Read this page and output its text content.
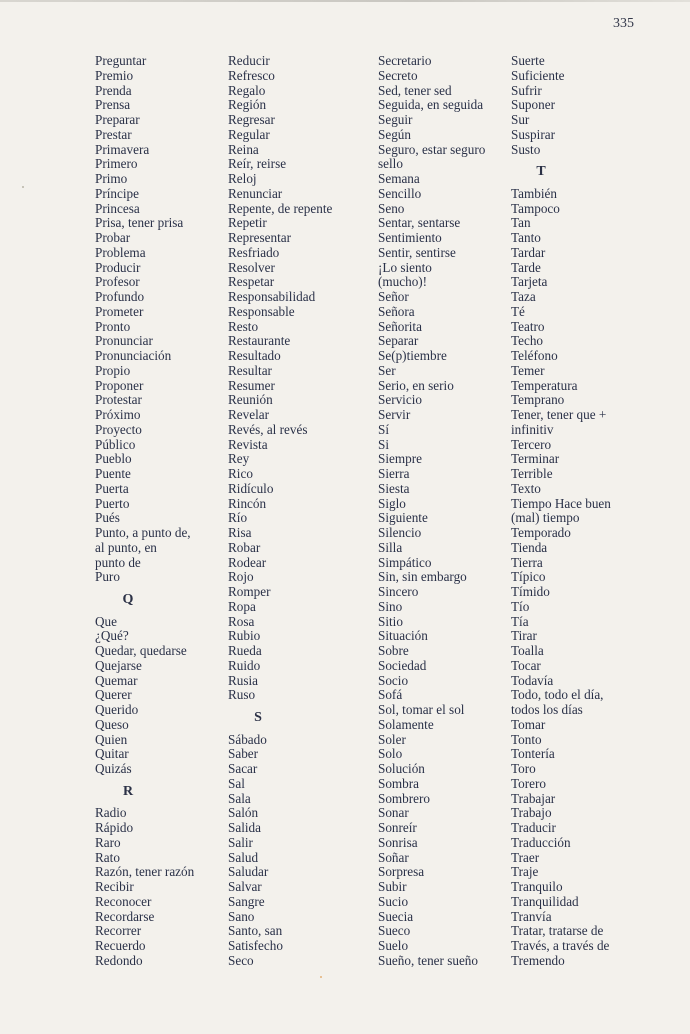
335
Preguntar
Premio
Prenda
Prensa
Preparar
Prestar
Primavera
Primero
Primo
Príncipe
Princesa
Prisa, tener prisa
Probar
Problema
Producir
Profesor
Profundo
Prometer
Pronto
Pronunciar
Pronunciación
Propio
Proponer
Protestar
Próximo
Proyecto
Público
Pueblo
Puente
Puerta
Puerto
Pués
Punto, a punto de,
al punto, en
punto de
Puro
Q
Que
¿Qué?
Quedar, quedarse
Quejarse
Quemar
Querer
Querido
Queso
Quien
Quitar
Quizás
R
Radio
Rápido
Raro
Rato
Razón, tener razón
Recibir
Reconocer
Recordarse
Recorrer
Recuerdo
Redondo
Reducir
Refresco
Regalo
Región
Regresar
Regular
Reina
Reír, reirse
Reloj
Renunciar
Repente, de repente
Repetir
Representar
Resfriado
Resolver
Respetar
Responsabilidad
Responsable
Resto
Restaurante
Resultado
Resultar
Resumer
Reunión
Revelar
Revés, al revés
Revista
Rey
Rico
Ridículo
Rincón
Río
Risa
Robar
Rodear
Rojo
Romper
Ropa
Rosa
Rubio
Rueda
Ruido
Rusia
Ruso
S
Sábado
Saber
Sacar
Sal
Sala
Salón
Salida
Salir
Salud
Saludar
Salvar
Sangre
Sano
Santo, san
Satisfecho
Seco
Secretario
Secreto
Sed, tener sed
Seguida, en seguida
Seguir
Según
Seguro, estar seguro
sello
Semana
Sencillo
Seno
Sentar, sentarse
Sentimiento
Sentir, sentirse
¡Lo siento
(mucho)!
Señor
Señora
Señorita
Separar
Se(p)tiembre
Ser
Serio, en serio
Servicio
Servir
Sí
Si
Siempre
Sierra
Siesta
Siglo
Siguiente
Silencio
Silla
Simpático
Sin, sin embargo
Sincero
Sino
Sitio
Situación
Sobre
Sociedad
Socio
Sofá
Sol, tomar el sol
Solamente
Soler
Solo
Solución
Sombra
Sombrero
Sonar
Sonreír
Sonrisa
Soñar
Sorpresa
Subir
Sucio
Suecia
Sueco
Suelo
Sueño, tener sueño
Suerte
Suficiente
Sufrir
Suponer
Sur
Suspirar
Susto
T
También
Tampoco
Tan
Tanto
Tardar
Tarde
Tarjeta
Taza
Té
Teatro
Techo
Teléfono
Temer
Temperatura
Temprano
Tener, tener que +
infinitiv
Tercero
Terminar
Terrible
Texto
Tiempo Hace buen
(mal) tiempo
Temporado
Tienda
Tierra
Típico
Tímido
Tío
Tía
Tirar
Toalla
Tocar
Todavía
Todo, todo el día,
todos los días
Tomar
Tonto
Tontería
Toro
Torero
Trabajar
Trabajo
Traducir
Traducción
Traer
Traje
Tranquilo
Tranquilidad
Tranvía
Tratar, tratarse de
Través, a través de
Tremendo
